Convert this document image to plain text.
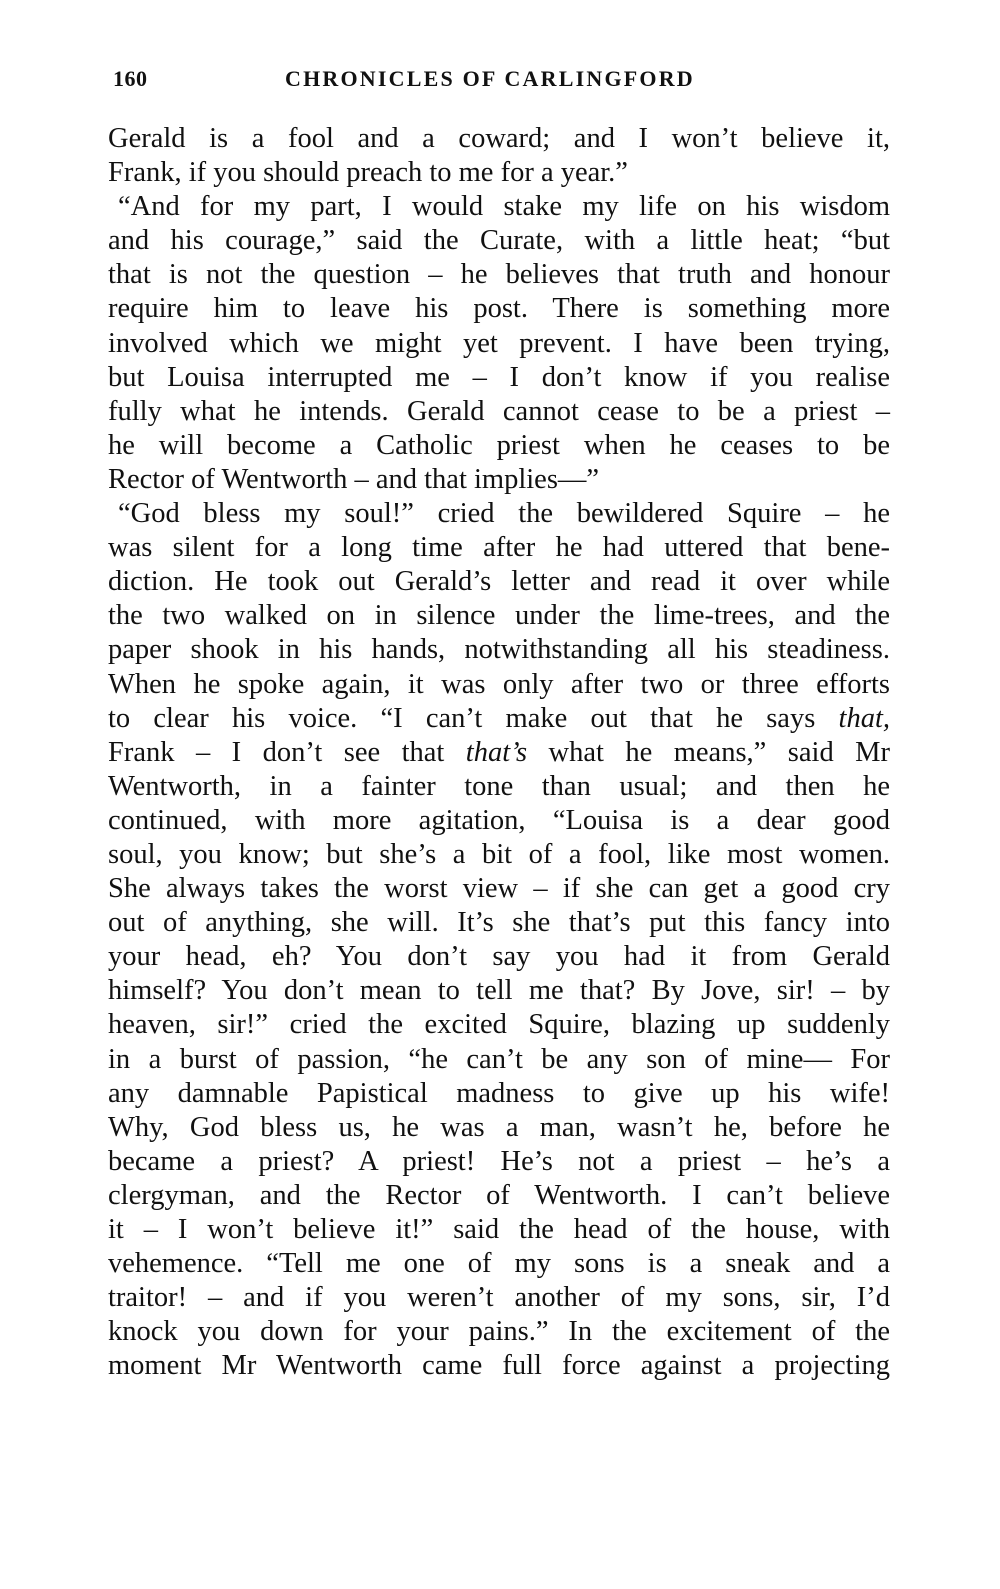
160	CHRONICLES OF CARLINGFORD
Gerald is a fool and a coward; and I won’t believe it,
Frank, if you should preach to me for a year.”
“And for my part, I would stake my life on his wisdom
and his courage,” said the Curate, with a little heat; “but
that is not the question – he believes that truth and honour
require him to leave his post. There is something more
involved which we might yet prevent. I have been trying,
but Louisa interrupted me – I don’t know if you realise
fully what he intends. Gerald cannot cease to be a priest –
he will become a Catholic priest when he ceases to be
Rector of Wentworth – and that implies—”
“God bless my soul!” cried the bewildered Squire – he
was silent for a long time after he had uttered that bene-
diction. He took out Gerald’s letter and read it over while
the two walked on in silence under the lime-trees, and the
paper shook in his hands, notwithstanding all his steadiness.
When he spoke again, it was only after two or three efforts
to clear his voice. “I can’t make out that he says that,
Frank – I don’t see that that’s what he means,” said Mr
Wentworth, in a fainter tone than usual; and then he
continued, with more agitation, “Louisa is a dear good
soul, you know; but she’s a bit of a fool, like most women.
She always takes the worst view – if she can get a good cry
out of anything, she will. It’s she that’s put this fancy into
your head, eh? You don’t say you had it from Gerald
himself? You don’t mean to tell me that? By Jove, sir! – by
heaven, sir!” cried the excited Squire, blazing up suddenly
in a burst of passion, “he can’t be any son of mine— For
any damnable Papistical madness to give up his wife!
Why, God bless us, he was a man, wasn’t he, before he
became a priest? A priest! He’s not a priest – he’s a
clergyman, and the Rector of Wentworth. I can’t believe
it – I won’t believe it!” said the head of the house, with
vehemence. “Tell me one of my sons is a sneak and a
traitor! – and if you weren’t another of my sons, sir, I’d
knock you down for your pains.” In the excitement of the
moment Mr Wentworth came full force against a projecting
